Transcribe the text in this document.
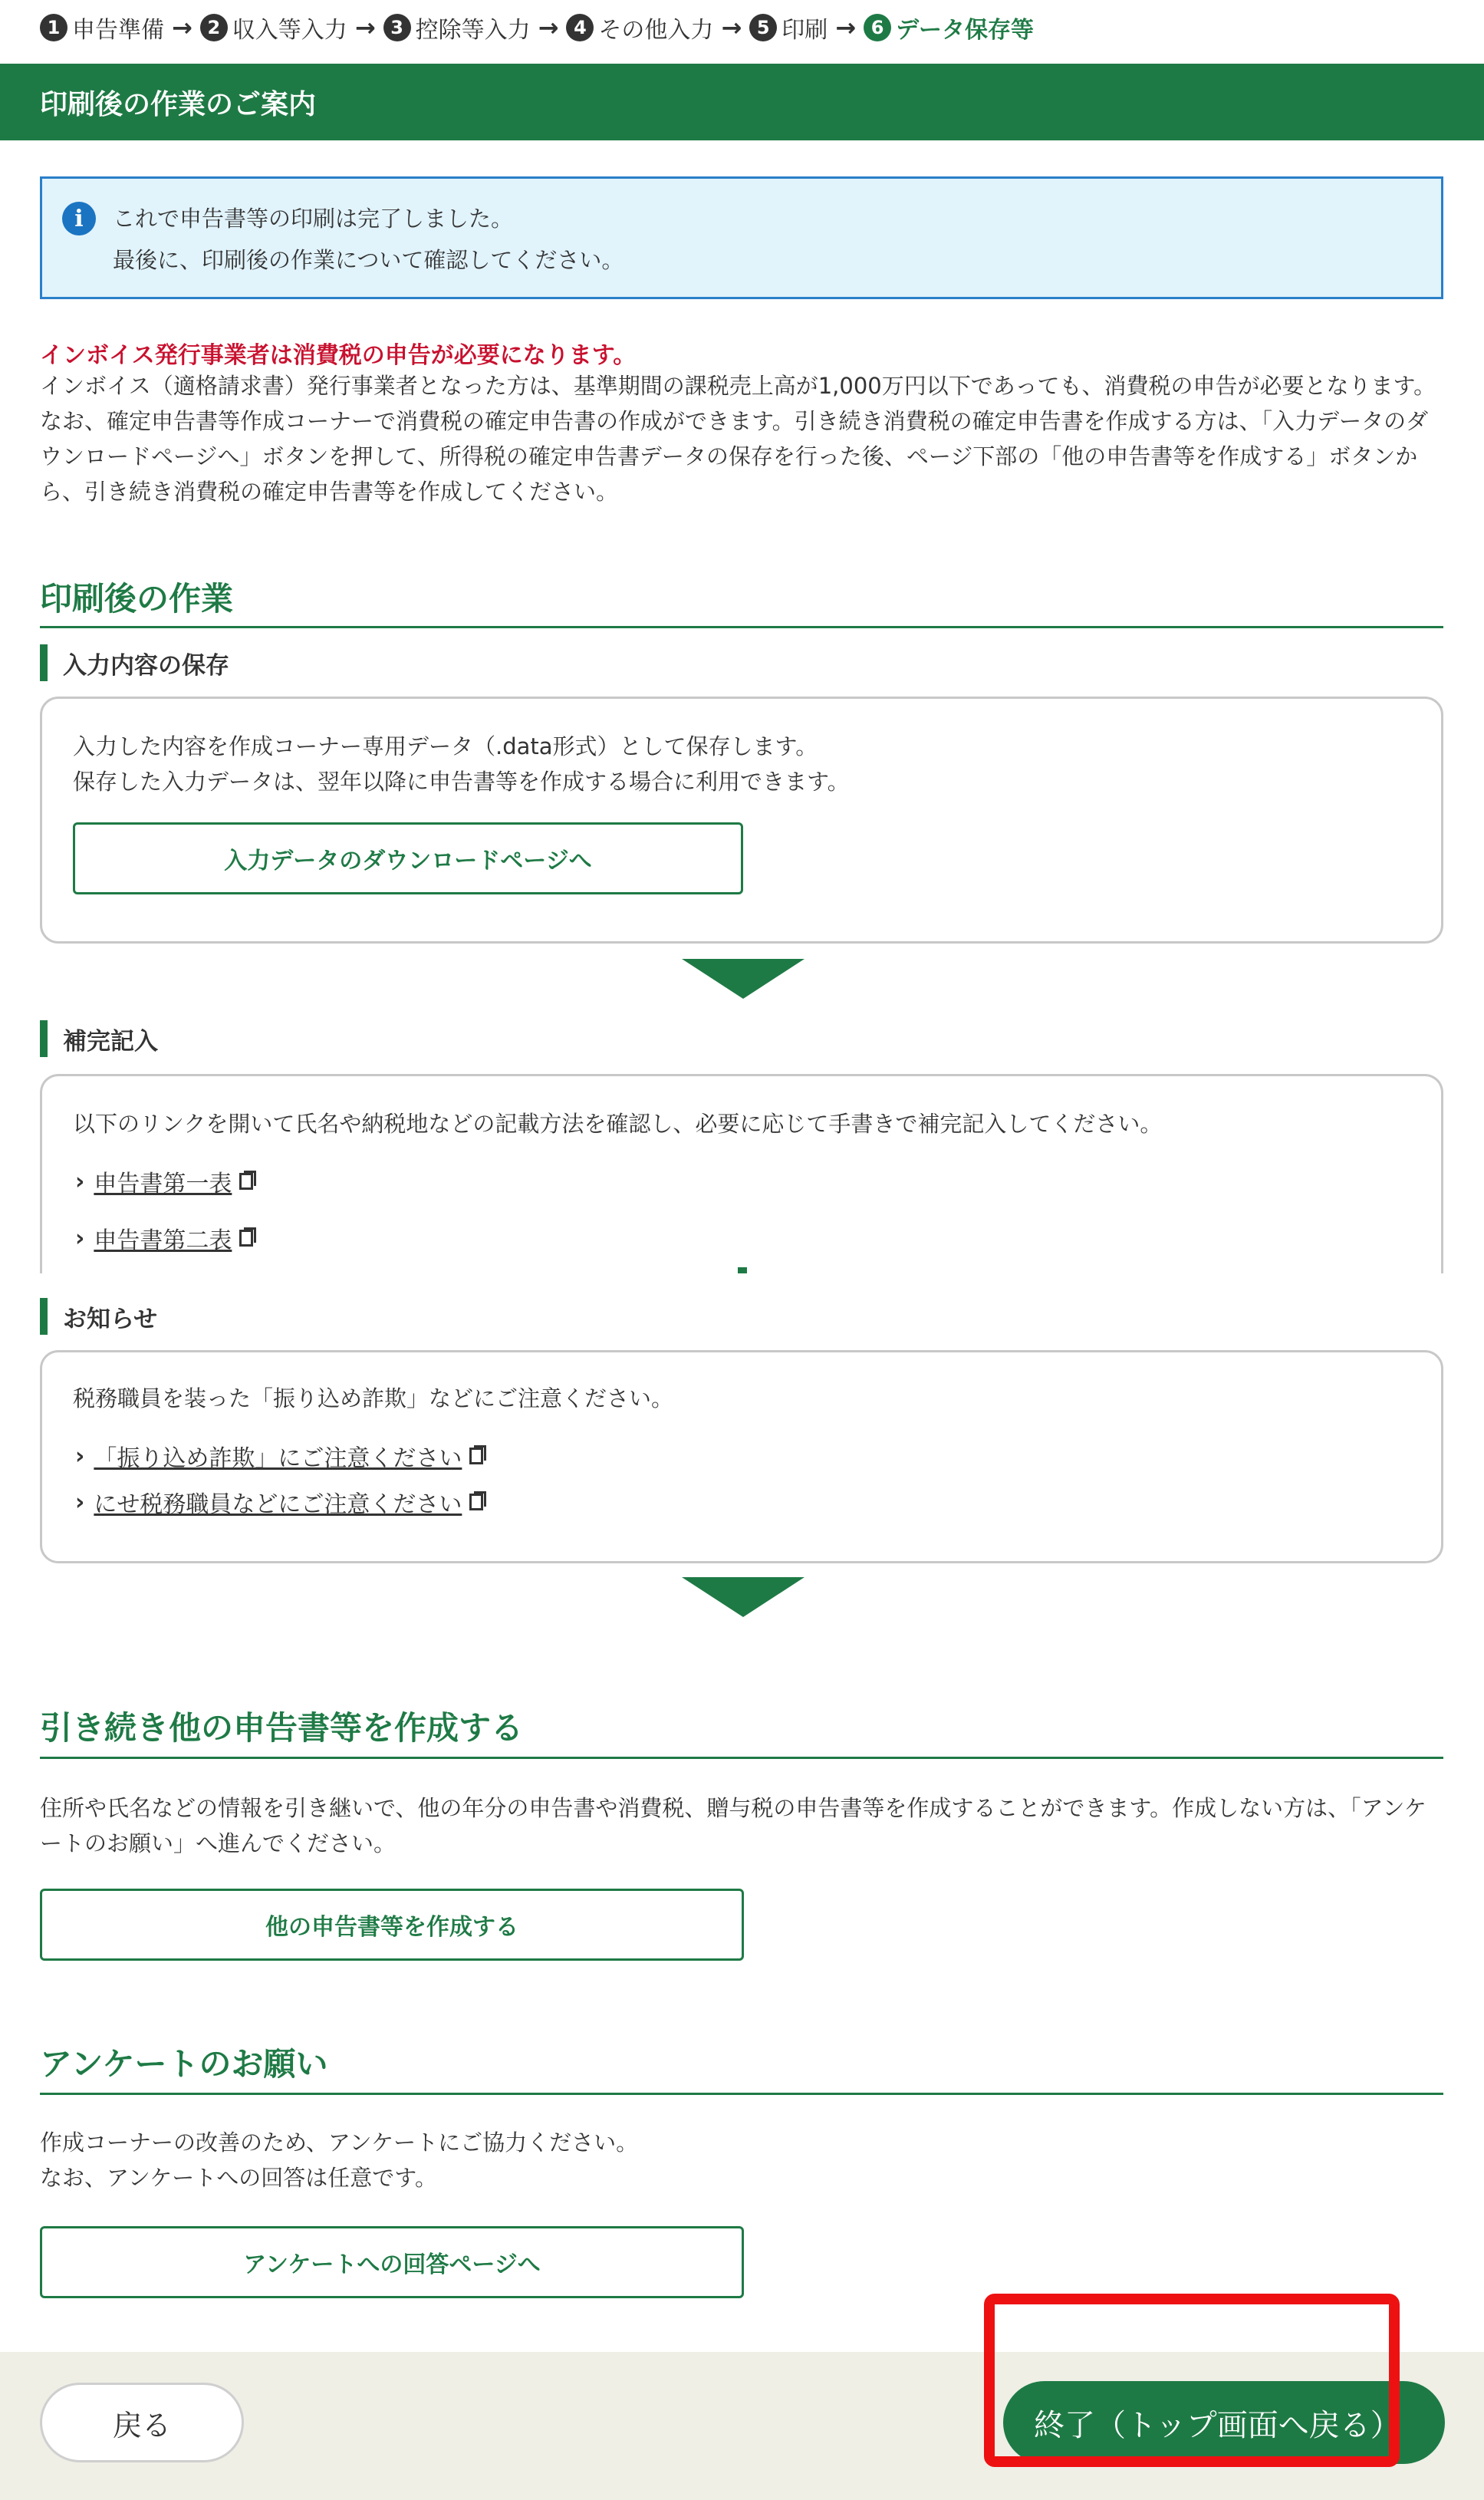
1 申告準備 → 2 収入等入力 → 3 控除等入力 → 4 その他入力 → 5 印刷 → 6 データ保存等
印刷後の作業のご案内
i	これで申告書等の印刷は完了しました。
最後に、印刷後の作業について確認してください。
インボイス発行事業者は消費税の申告が必要になります。
インボイス（適格請求書）発行事業者となった方は、基準期間の課税売上高が1,000万円以下であっても、消費税の申告が必要となります。
なお、確定申告書等作成コーナーで消費税の確定申告書の作成ができます。引き続き消費税の確定申告書を作成する方は、「入力データのダウンロードページへ」ボタンを押して、所得税の確定申告書データの保存を行った後、ページ下部の「他の申告書等を作成する」ボタンから、引き続き消費税の確定申告書等を作成してください。
印刷後の作業
入力内容の保存
入力した内容を作成コーナー専用データ（.data形式）として保存します。
保存した入力データは、翌年以降に申告書等を作成する場合に利用できます。
入力データのダウンロードページへ
補完記入
以下のリンクを開いて氏名や納税地などの記載方法を確認し、必要に応じて手書きで補完記入してください。
› 申告書第一表
› 申告書第二表
お知らせ
税務職員を装った「振り込め詐欺」などにご注意ください。
› 「振り込め詐欺」にご注意ください
› にせ税務職員などにご注意ください
引き続き他の申告書等を作成する
住所や氏名などの情報を引き継いで、他の年分の申告書や消費税、贈与税の申告書等を作成することができます。作成しない方は、「アンケートのお願い」へ進んでください。
他の申告書等を作成する
アンケートのお願い
作成コーナーの改善のため、アンケートにご協力ください。
なお、アンケートへの回答は任意です。
アンケートへの回答ページへ
戻る	終了（トップ画面へ戻る）
